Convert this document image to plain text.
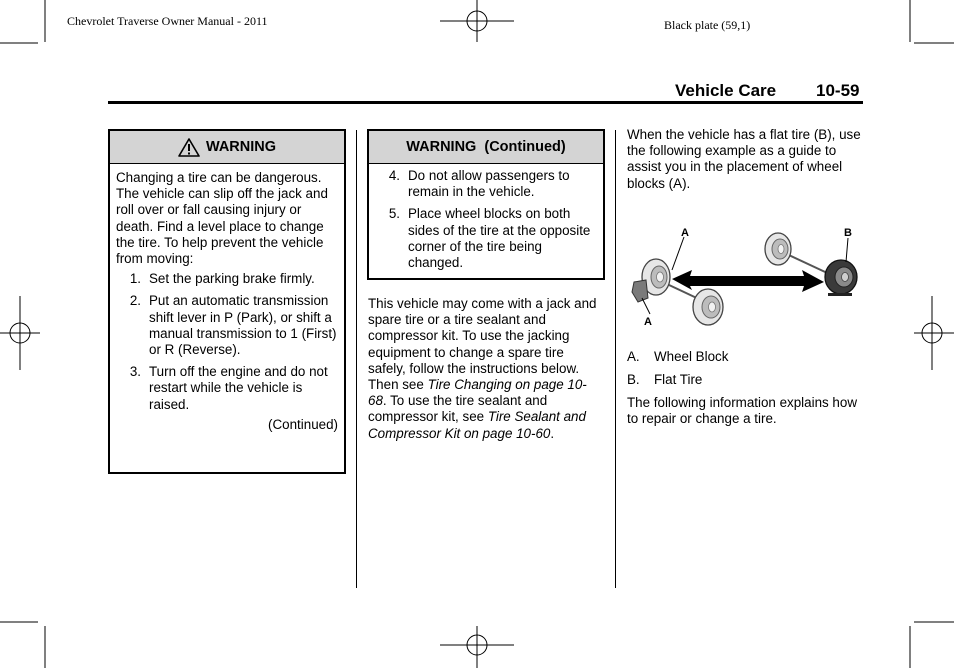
Chevrolet Traverse Owner Manual - 2011	Black plate (59,1)
Vehicle Care 10-59
WARNING
Changing a tire can be dangerous. The vehicle can slip off the jack and roll over or fall causing injury or death. Find a level place to change the tire. To help prevent the vehicle from moving:
1. Set the parking brake firmly.
2. Put an automatic transmission shift lever in P (Park), or shift a manual transmission to 1 (First) or R (Reverse).
3. Turn off the engine and do not restart while the vehicle is raised.
(Continued)
WARNING  (Continued)
4. Do not allow passengers to remain in the vehicle.
5. Place wheel blocks on both sides of the tire at the opposite corner of the tire being changed.
This vehicle may come with a jack and spare tire or a tire sealant and compressor kit. To use the jacking equipment to change a spare tire safely, follow the instructions below. Then see Tire Changing on page 10-68. To use the tire sealant and compressor kit, see Tire Sealant and Compressor Kit on page 10-60.
When the vehicle has a flat tire (B), use the following example as a guide to assist you in the placement of wheel blocks (A).
A
A
B
A.	Wheel Block
B.	Flat Tire
The following information explains how to repair or change a tire.
